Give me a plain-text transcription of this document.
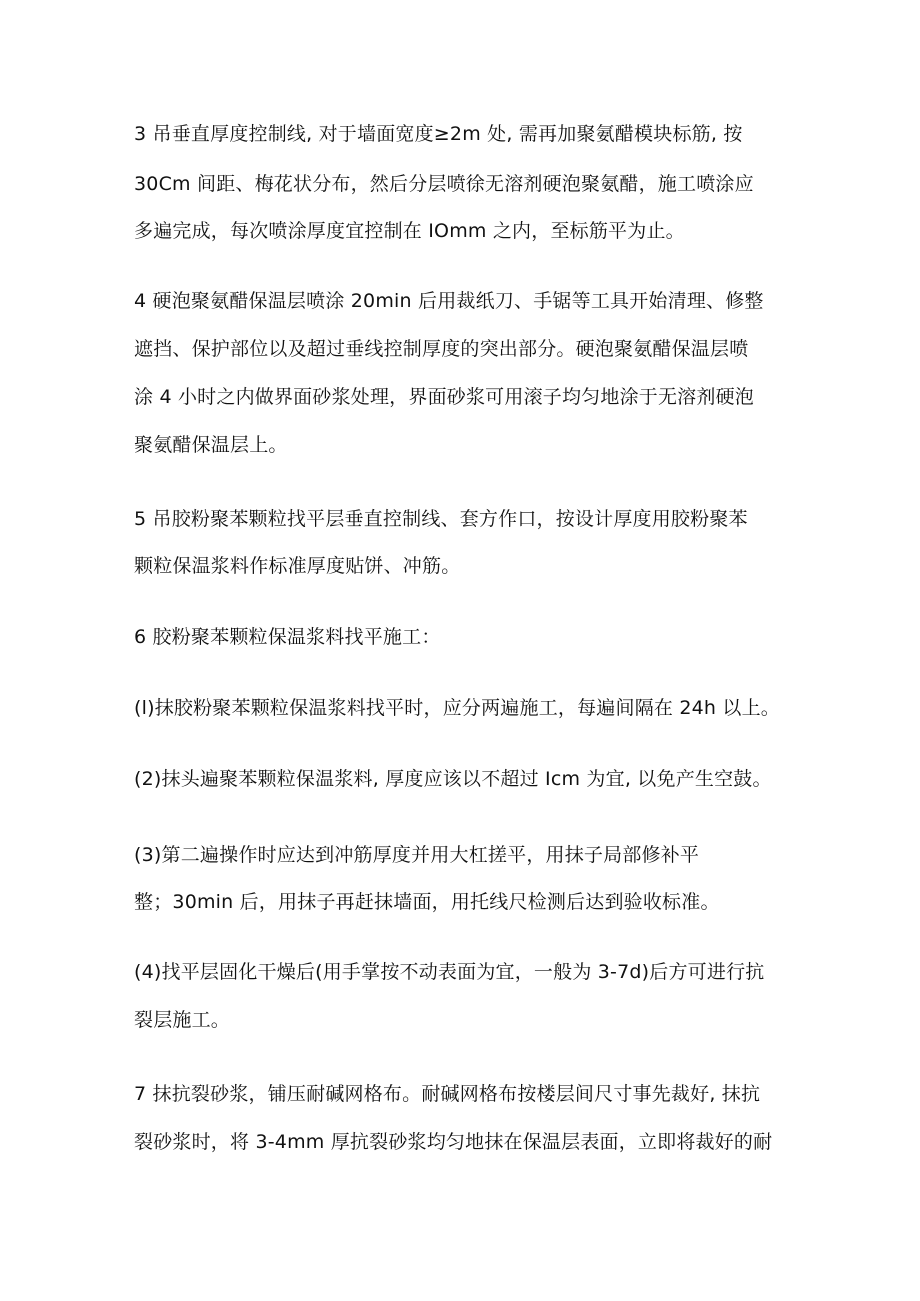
3 吊垂直厚度控制线, 对于墙面宽度≥2m 处, 需再加聚氨醋模块标筋, 按
30Cm 间距、梅花状分布，然后分层喷徐无溶剂硬泡聚氨醋，施工喷涂应
多遍完成，每次喷涂厚度宜控制在 IOmm 之内，至标筋平为止。
4 硬泡聚氨醋保温层喷涂 20min 后用裁纸刀、手锯等工具开始清理、修整
遮挡、保护部位以及超过垂线控制厚度的突出部分。硬泡聚氨醋保温层喷
涂 4 小时之内做界面砂浆处理，界面砂浆可用滚子均匀地涂于无溶剂硬泡
聚氨醋保温层上。
5 吊胶粉聚苯颗粒找平层垂直控制线、套方作口，按设计厚度用胶粉聚苯
颗粒保温浆料作标准厚度贴饼、冲筋。
6 胶粉聚苯颗粒保温浆料找平施工：
(l)抹胶粉聚苯颗粒保温浆料找平时，应分两遍施工，每遍间隔在 24h 以上。
(2)抹头遍聚苯颗粒保温浆料, 厚度应该以不超过 Icm 为宜, 以免产生空鼓。
(3)第二遍操作时应达到冲筋厚度并用大杠搓平，用抹子局部修补平
整；30min 后，用抹子再赶抹墙面，用托线尺检测后达到验收标准。
(4)找平层固化干燥后(用手掌按不动表面为宜，一般为 3-7d)后方可进行抗
裂层施工。
7 抹抗裂砂浆，铺压耐碱网格布。耐碱网格布按楼层间尺寸事先裁好, 抹抗
裂砂浆时，将 3-4mm 厚抗裂砂浆均匀地抹在保温层表面，立即将裁好的耐
